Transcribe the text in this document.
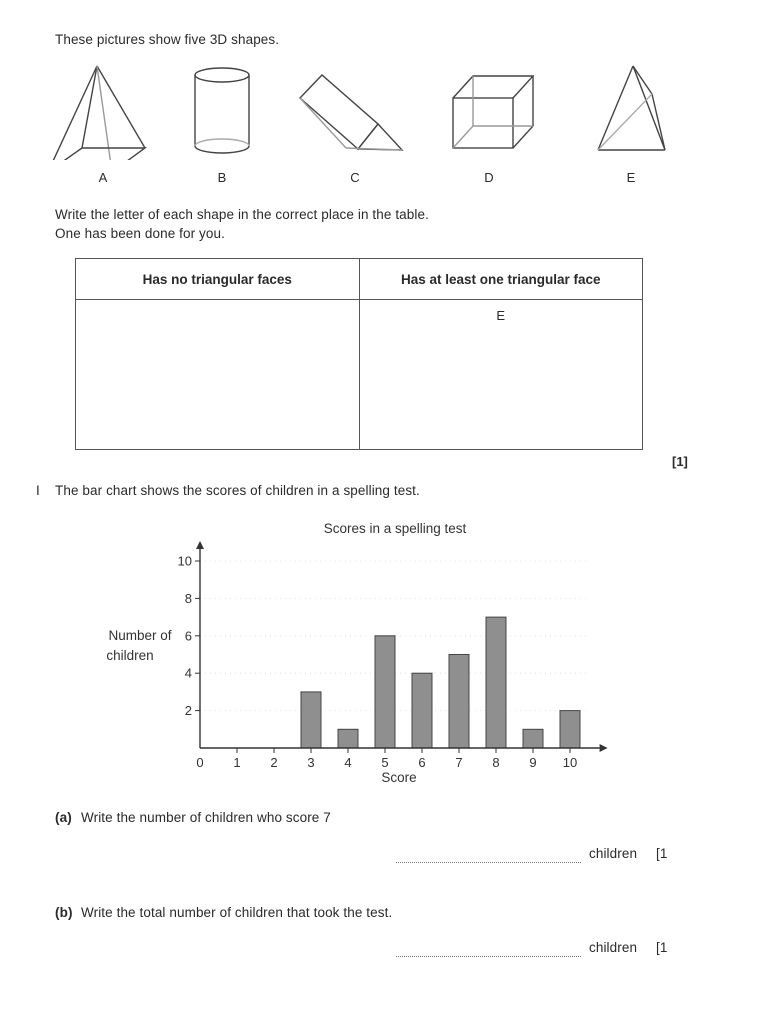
These pictures show five 3D shapes.
A	B	C	D	E
Write the letter of each shape in the correct place in the table.
One has been done for you.
Has no triangular faces	Has at least one triangular face
	E
[1]
I The bar chart shows the scores of children in a spelling test.
Scores in a spelling test
Number of children
Score
2
4
6
8
10
0 1 2 3 4 5 6 7 8 9 10
(a) Write the number of children who score 7
children [1
(b) Write the total number of children that took the test.
children [1
